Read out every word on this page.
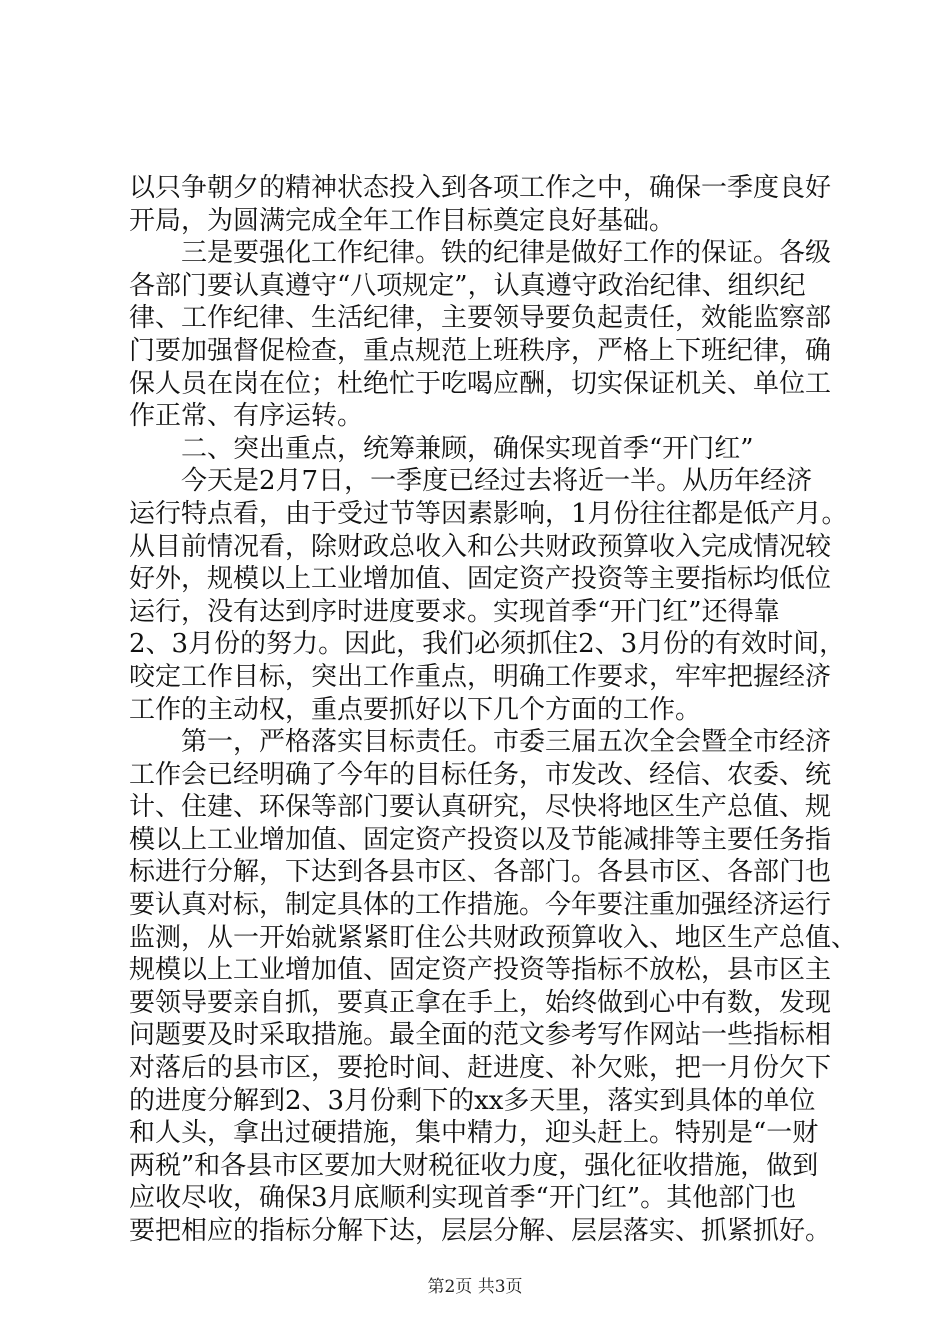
以只争朝夕的精神状态投入到各项工作之中，确保一季度良好
开局，为圆满完成全年工作目标奠定良好基础。
三是要强化工作纪律。铁的纪律是做好工作的保证。各级
各部门要认真遵守“八项规定”，认真遵守政治纪律、组织纪
律、工作纪律、生活纪律，主要领导要负起责任，效能监察部
门要加强督促检查，重点规范上班秩序，严格上下班纪律，确
保人员在岗在位；杜绝忙于吃喝应酬，切实保证机关、单位工
作正常、有序运转。
二、突出重点，统筹兼顾，确保实现首季“开门红”
今天是2月7日，一季度已经过去将近一半。从历年经济
运行特点看，由于受过节等因素影响，1月份往往都是低产月。
从目前情况看，除财政总收入和公共财政预算收入完成情况较
好外，规模以上工业增加值、固定资产投资等主要指标均低位
运行，没有达到序时进度要求。实现首季“开门红”还得靠
2、3月份的努力。因此，我们必须抓住2、3月份的有效时间，
咬定工作目标，突出工作重点，明确工作要求，牢牢把握经济
工作的主动权，重点要抓好以下几个方面的工作。
第一，严格落实目标责任。市委三届五次全会暨全市经济
工作会已经明确了今年的目标任务，市发改、经信、农委、统
计、住建、环保等部门要认真研究，尽快将地区生产总值、规
模以上工业增加值、固定资产投资以及节能减排等主要任务指
标进行分解，下达到各县市区、各部门。各县市区、各部门也
要认真对标，制定具体的工作措施。今年要注重加强经济运行
监测，从一开始就紧紧盯住公共财政预算收入、地区生产总值、
规模以上工业增加值、固定资产投资等指标不放松，县市区主
要领导要亲自抓，要真正拿在手上，始终做到心中有数，发现
问题要及时采取措施。最全面的范文参考写作网站一些指标相
对落后的县市区，要抢时间、赶进度、补欠账，把一月份欠下
的进度分解到2、3月份剩下的xx多天里，落实到具体的单位
和人头，拿出过硬措施，集中精力，迎头赶上。特别是“一财
两税”和各县市区要加大财税征收力度，强化征收措施，做到
应收尽收，确保3月底顺利实现首季“开门红”。其他部门也
要把相应的指标分解下达，层层分解、层层落实、抓紧抓好。
第2页 共3页
